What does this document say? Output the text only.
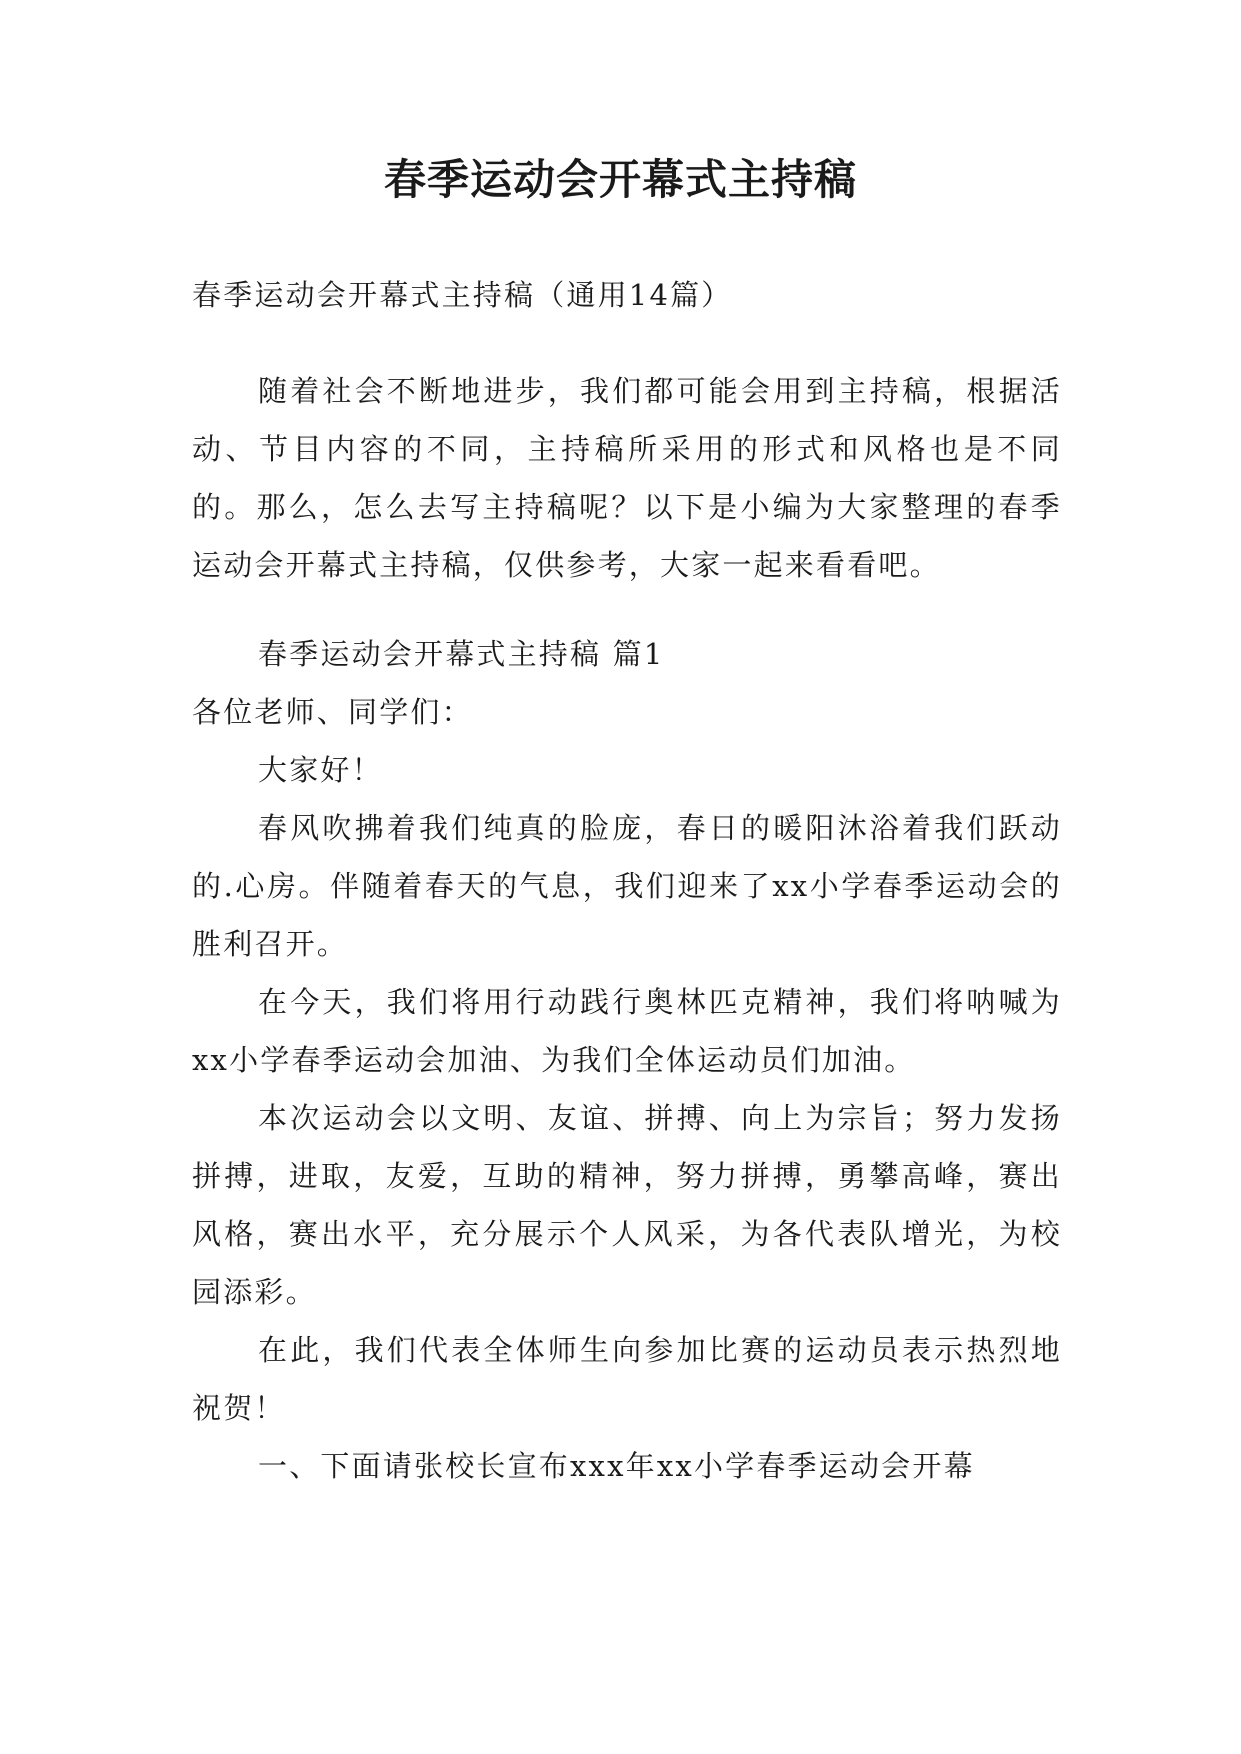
春季运动会开幕式主持稿

春季运动会开幕式主持稿（通用14篇）

随着社会不断地进步，我们都可能会用到主持稿，根据活动、节目内容的不同，主持稿所采用的形式和风格也是不同的。那么，怎么去写主持稿呢？以下是小编为大家整理的春季运动会开幕式主持稿，仅供参考，大家一起来看看吧。

春季运动会开幕式主持稿 篇1

各位老师、同学们：

大家好！

春风吹拂着我们纯真的脸庞，春日的暖阳沐浴着我们跃动的.心房。伴随着春天的气息，我们迎来了xx小学春季运动会的胜利召开。

在今天，我们将用行动践行奥林匹克精神，我们将呐喊为xx小学春季运动会加油、为我们全体运动员们加油。

本次运动会以文明、友谊、拼搏、向上为宗旨；努力发扬拼搏，进取，友爱，互助的精神，努力拼搏，勇攀高峰，赛出风格，赛出水平，充分展示个人风采，为各代表队增光，为校园添彩。

在此，我们代表全体师生向参加比赛的运动员表示热烈地祝贺！

一、下面请张校长宣布xxx年xx小学春季运动会开幕
